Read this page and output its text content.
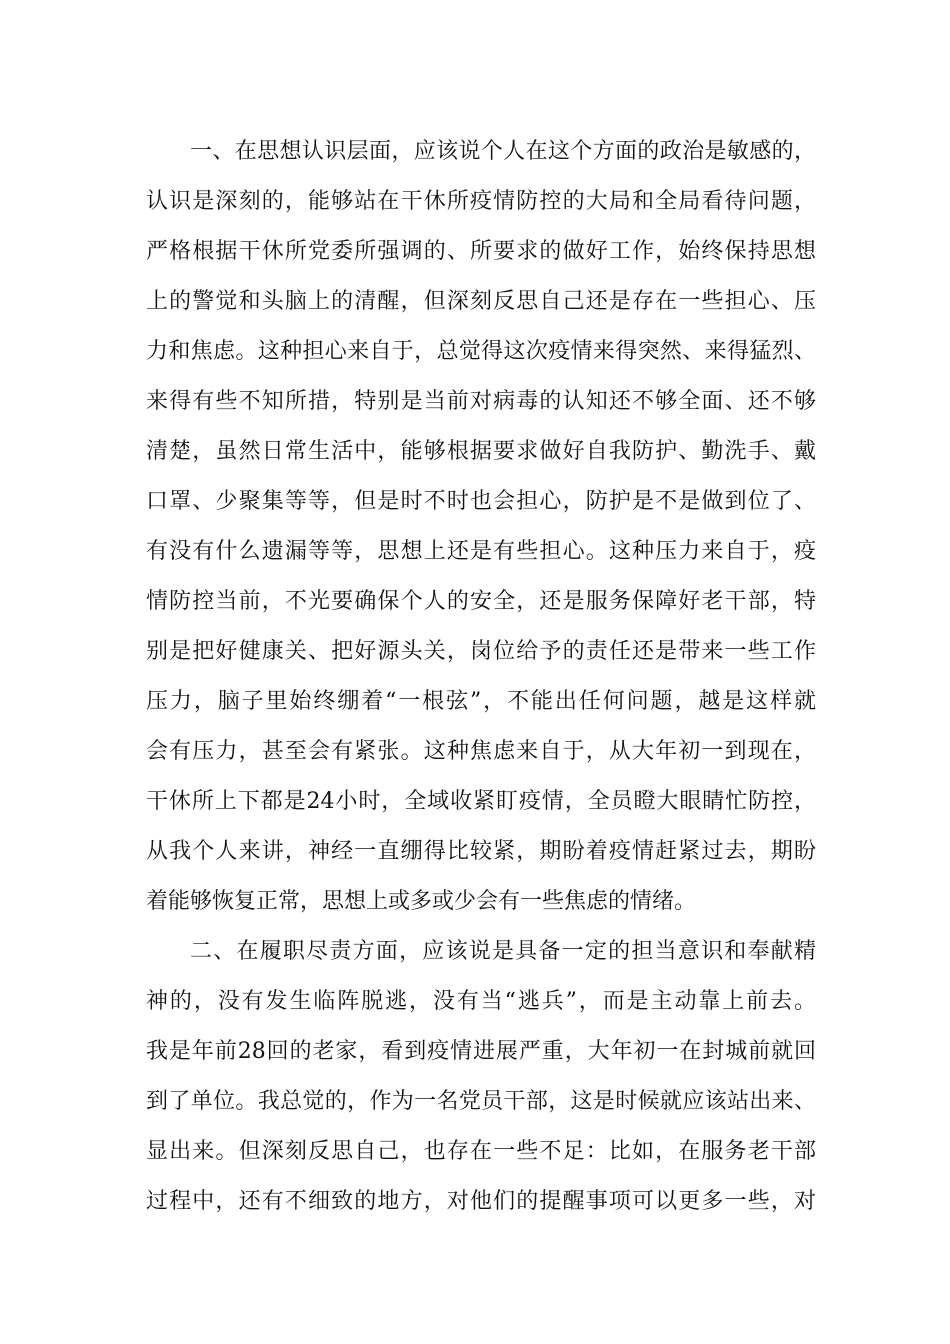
一、在思想认识层面，应该说个人在这个方面的政治是敏感的，
认识是深刻的，能够站在干休所疫情防控的大局和全局看待问题，
严格根据干休所党委所强调的、所要求的做好工作，始终保持思想
上的警觉和头脑上的清醒，但深刻反思自己还是存在一些担心、压
力和焦虑。这种担心来自于，总觉得这次疫情来得突然、来得猛烈、
来得有些不知所措，特别是当前对病毒的认知还不够全面、还不够
清楚，虽然日常生活中，能够根据要求做好自我防护、勤洗手、戴
口罩、少聚集等等，但是时不时也会担心，防护是不是做到位了、
有没有什么遗漏等等，思想上还是有些担心。这种压力来自于，疫
情防控当前，不光要确保个人的安全，还是服务保障好老干部，特
别是把好健康关、把好源头关，岗位给予的责任还是带来一些工作
压力，脑子里始终绷着“一根弦”，不能出任何问题，越是这样就
会有压力，甚至会有紧张。这种焦虑来自于，从大年初一到现在，
干休所上下都是24小时，全域收紧盯疫情，全员瞪大眼睛忙防控，
从我个人来讲，神经一直绷得比较紧，期盼着疫情赶紧过去，期盼
着能够恢复正常，思想上或多或少会有一些焦虑的情绪。
二、在履职尽责方面，应该说是具备一定的担当意识和奉献精
神的，没有发生临阵脱逃，没有当“逃兵”，而是主动靠上前去。
我是年前28回的老家，看到疫情进展严重，大年初一在封城前就回
到了单位。我总觉的，作为一名党员干部，这是时候就应该站出来、
显出来。但深刻反思自己，也存在一些不足：比如，在服务老干部
过程中，还有不细致的地方，对他们的提醒事项可以更多一些，对
